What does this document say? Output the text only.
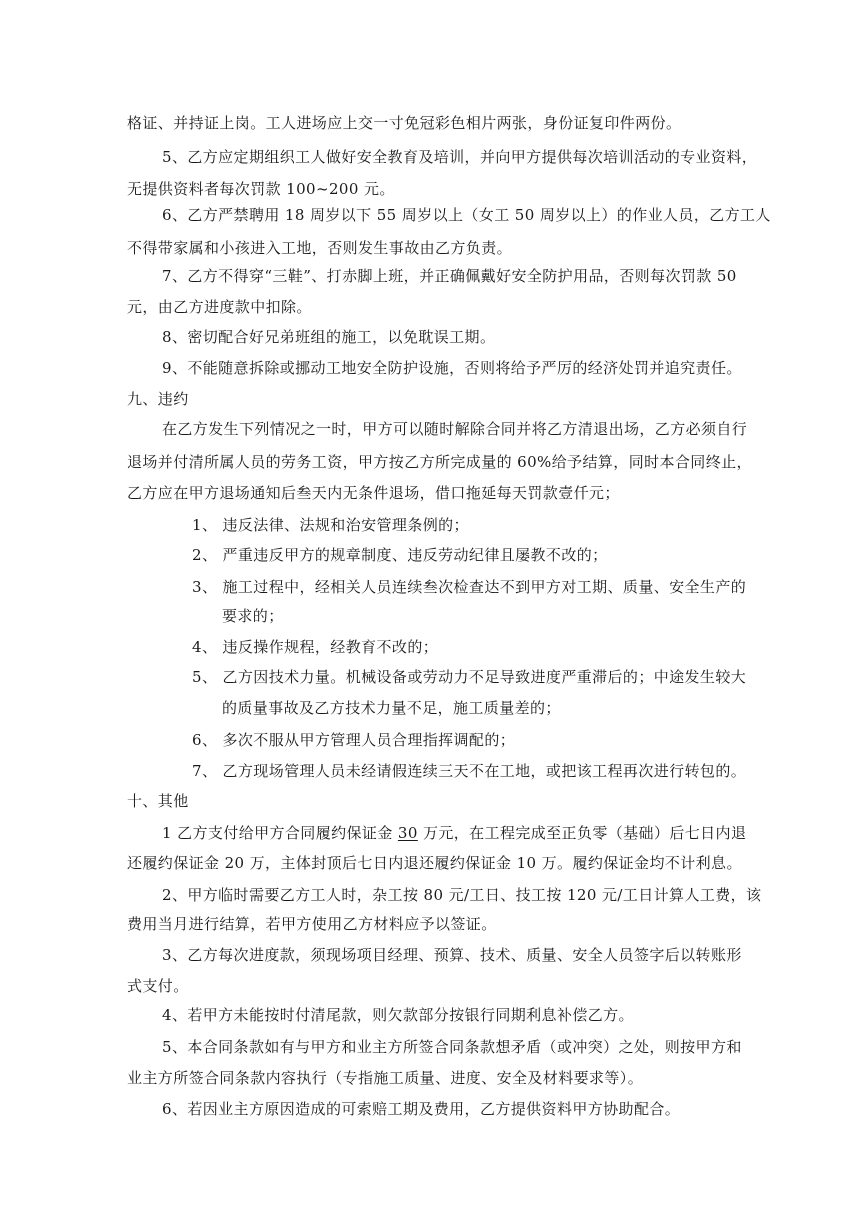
格证、并持证上岗。工人进场应上交一寸免冠彩色相片两张，身份证复印件两份。
5、乙方应定期组织工人做好安全教育及培训，并向甲方提供每次培训活动的专业资料，
无提供资料者每次罚款 100~200 元。
6、乙方严禁聘用 18 周岁以下 55 周岁以上（女工 50 周岁以上）的作业人员，乙方工人
不得带家属和小孩进入工地，否则发生事故由乙方负责。
7、乙方不得穿“三鞋”、打赤脚上班，并正确佩戴好安全防护用品，否则每次罚款 50
元，由乙方进度款中扣除。
8、密切配合好兄弟班组的施工，以免耽误工期。
9、不能随意拆除或挪动工地安全防护设施，否则将给予严厉的经济处罚并追究责任。
九、违约
在乙方发生下列情况之一时，甲方可以随时解除合同并将乙方清退出场，乙方必须自行
退场并付清所属人员的劳务工资，甲方按乙方所完成量的 60%给予结算，同时本合同终止，
乙方应在甲方退场通知后叁天内无条件退场，借口拖延每天罚款壹仟元；
1、 违反法律、法规和治安管理条例的；
2、 严重违反甲方的规章制度、违反劳动纪律且屡教不改的；
3、 施工过程中，经相关人员连续叁次检查达不到甲方对工期、质量、安全生产的
要求的；
4、 违反操作规程，经教育不改的；
5、 乙方因技术力量。机械设备或劳动力不足导致进度严重滞后的；中途发生较大
的质量事故及乙方技术力量不足，施工质量差的；
6、 多次不服从甲方管理人员合理指挥调配的；
7、 乙方现场管理人员未经请假连续三天不在工地，或把该工程再次进行转包的。
十、其他
1 乙方支付给甲方合同履约保证金 30 万元，在工程完成至正负零（基础）后七日内退
还履约保证金 20 万，主体封顶后七日内退还履约保证金 10 万。履约保证金均不计利息。
2、甲方临时需要乙方工人时，杂工按 80 元/工日、技工按 120 元/工日计算人工费，该
费用当月进行结算，若甲方使用乙方材料应予以签证。
3、乙方每次进度款，须现场项目经理、预算、技术、质量、安全人员签字后以转账形
式支付。
4、若甲方未能按时付清尾款，则欠款部分按银行同期利息补偿乙方。
5、本合同条款如有与甲方和业主方所签合同条款想矛盾（或冲突）之处，则按甲方和
业主方所签合同条款内容执行（专指施工质量、进度、安全及材料要求等）。
6、若因业主方原因造成的可索赔工期及费用，乙方提供资料甲方协助配合。
